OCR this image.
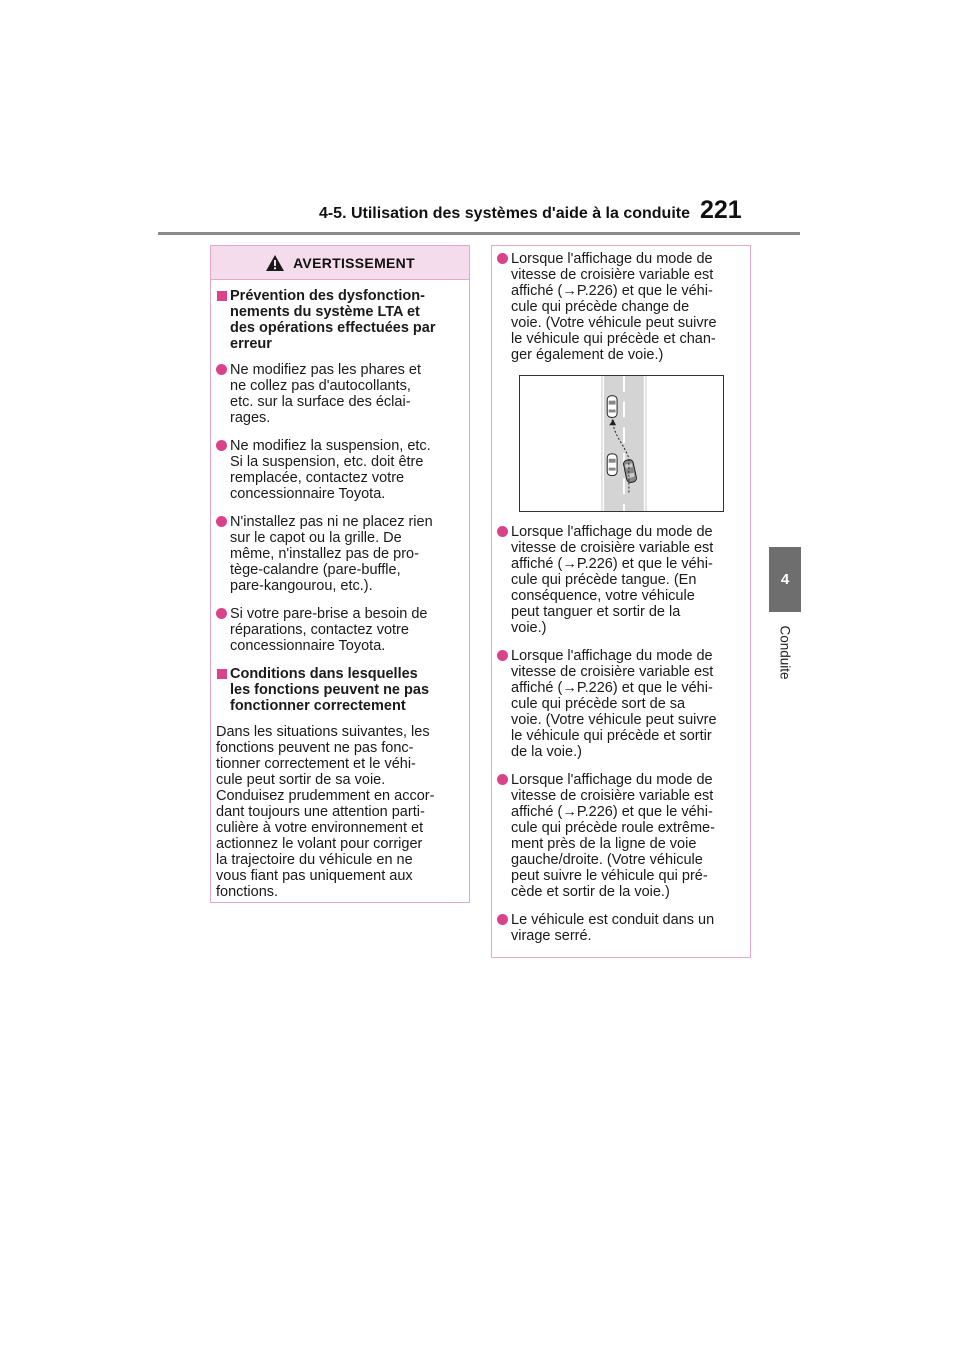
4-5. Utilisation des systèmes d'aide à la conduite 221
4
Conduite
AVERTISSEMENT
Prévention des dysfonction-
nements du système LTA et
des opérations effectuées par
erreur
Ne modifiez pas les phares et
ne collez pas d'autocollants,
etc. sur la surface des éclai-
rages.
Ne modifiez la suspension, etc.
Si la suspension, etc. doit être
remplacée, contactez votre
concessionnaire Toyota.
N'installez pas ni ne placez rien
sur le capot ou la grille. De
même, n'installez pas de pro-
tège-calandre (pare-buffle,
pare-kangourou, etc.).
Si votre pare-brise a besoin de
réparations, contactez votre
concessionnaire Toyota.
Conditions dans lesquelles
les fonctions peuvent ne pas
fonctionner correctement
Dans les situations suivantes, les
fonctions peuvent ne pas fonc-
tionner correctement et le véhi-
cule peut sortir de sa voie.
Conduisez prudemment en accor-
dant toujours une attention parti-
culière à votre environnement et
actionnez le volant pour corriger
la trajectoire du véhicule en ne
vous fiant pas uniquement aux
fonctions.
Lorsque l'affichage du mode de
vitesse de croisière variable est
affiché (→P.226) et que le véhi-
cule qui précède change de
voie. (Votre véhicule peut suivre
le véhicule qui précède et chan-
ger également de voie.)
Lorsque l'affichage du mode de
vitesse de croisière variable est
affiché (→P.226) et que le véhi-
cule qui précède tangue. (En
conséquence, votre véhicule
peut tanguer et sortir de la
voie.)
Lorsque l'affichage du mode de
vitesse de croisière variable est
affiché (→P.226) et que le véhi-
cule qui précède sort de sa
voie. (Votre véhicule peut suivre
le véhicule qui précède et sortir
de la voie.)
Lorsque l'affichage du mode de
vitesse de croisière variable est
affiché (→P.226) et que le véhi-
cule qui précède roule extrême-
ment près de la ligne de voie
gauche/droite. (Votre véhicule
peut suivre le véhicule qui pré-
cède et sortir de la voie.)
Le véhicule est conduit dans un
virage serré.
